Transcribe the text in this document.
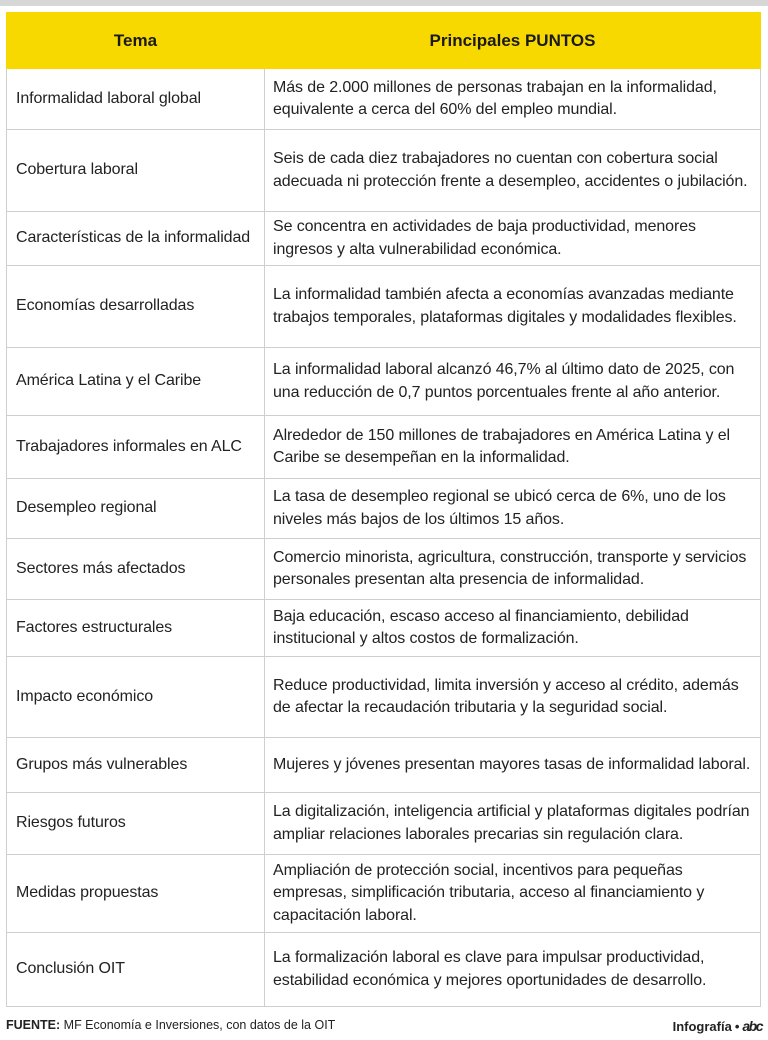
Tema	Principales PUNTOS
Informalidad laboral global	Más de 2.000 millones de personas trabajan en la informalidad, equivalente a cerca del 60% del empleo mundial.
Cobertura laboral	Seis de cada diez trabajadores no cuentan con cobertura social adecuada ni protección frente a desempleo, accidentes o jubilación.
Características de la informalidad	Se concentra en actividades de baja productividad, menores ingresos y alta vulnerabilidad económica.
Economías desarrolladas	La informalidad también afecta a economías avanzadas mediante trabajos temporales, plataformas digitales y modalidades flexibles.
América Latina y el Caribe	La informalidad laboral alcanzó 46,7% al último dato de 2025, con una reducción de 0,7 puntos porcentuales frente al año anterior.
Trabajadores informales en ALC	Alrededor de 150 millones de trabajadores en América Latina y el Caribe se desempeñan en la informalidad.
Desempleo regional	La tasa de desempleo regional se ubicó cerca de 6%, uno de los niveles más bajos de los últimos 15 años.
Sectores más afectados	Comercio minorista, agricultura, construcción, transporte y servicios personales presentan alta presencia de informalidad.
Factores estructurales	Baja educación, escaso acceso al financiamiento, debilidad institucional y altos costos de formalización.
Impacto económico	Reduce productividad, limita inversión y acceso al crédito, además de afectar la recaudación tributaria y la seguridad social.
Grupos más vulnerables	Mujeres y jóvenes presentan mayores tasas de informalidad laboral.
Riesgos futuros	La digitalización, inteligencia artificial y plataformas digitales podrían ampliar relaciones laborales precarias sin regulación clara.
Medidas propuestas	Ampliación de protección social, incentivos para pequeñas empresas, simplificación tributaria, acceso al financiamiento y capacitación laboral.
Conclusión OIT	La formalización laboral es clave para impulsar productividad, estabilidad económica y mejores oportunidades de desarrollo.
FUENTE: MF Economía e Inversiones, con datos de la OIT	Infografía • abc
